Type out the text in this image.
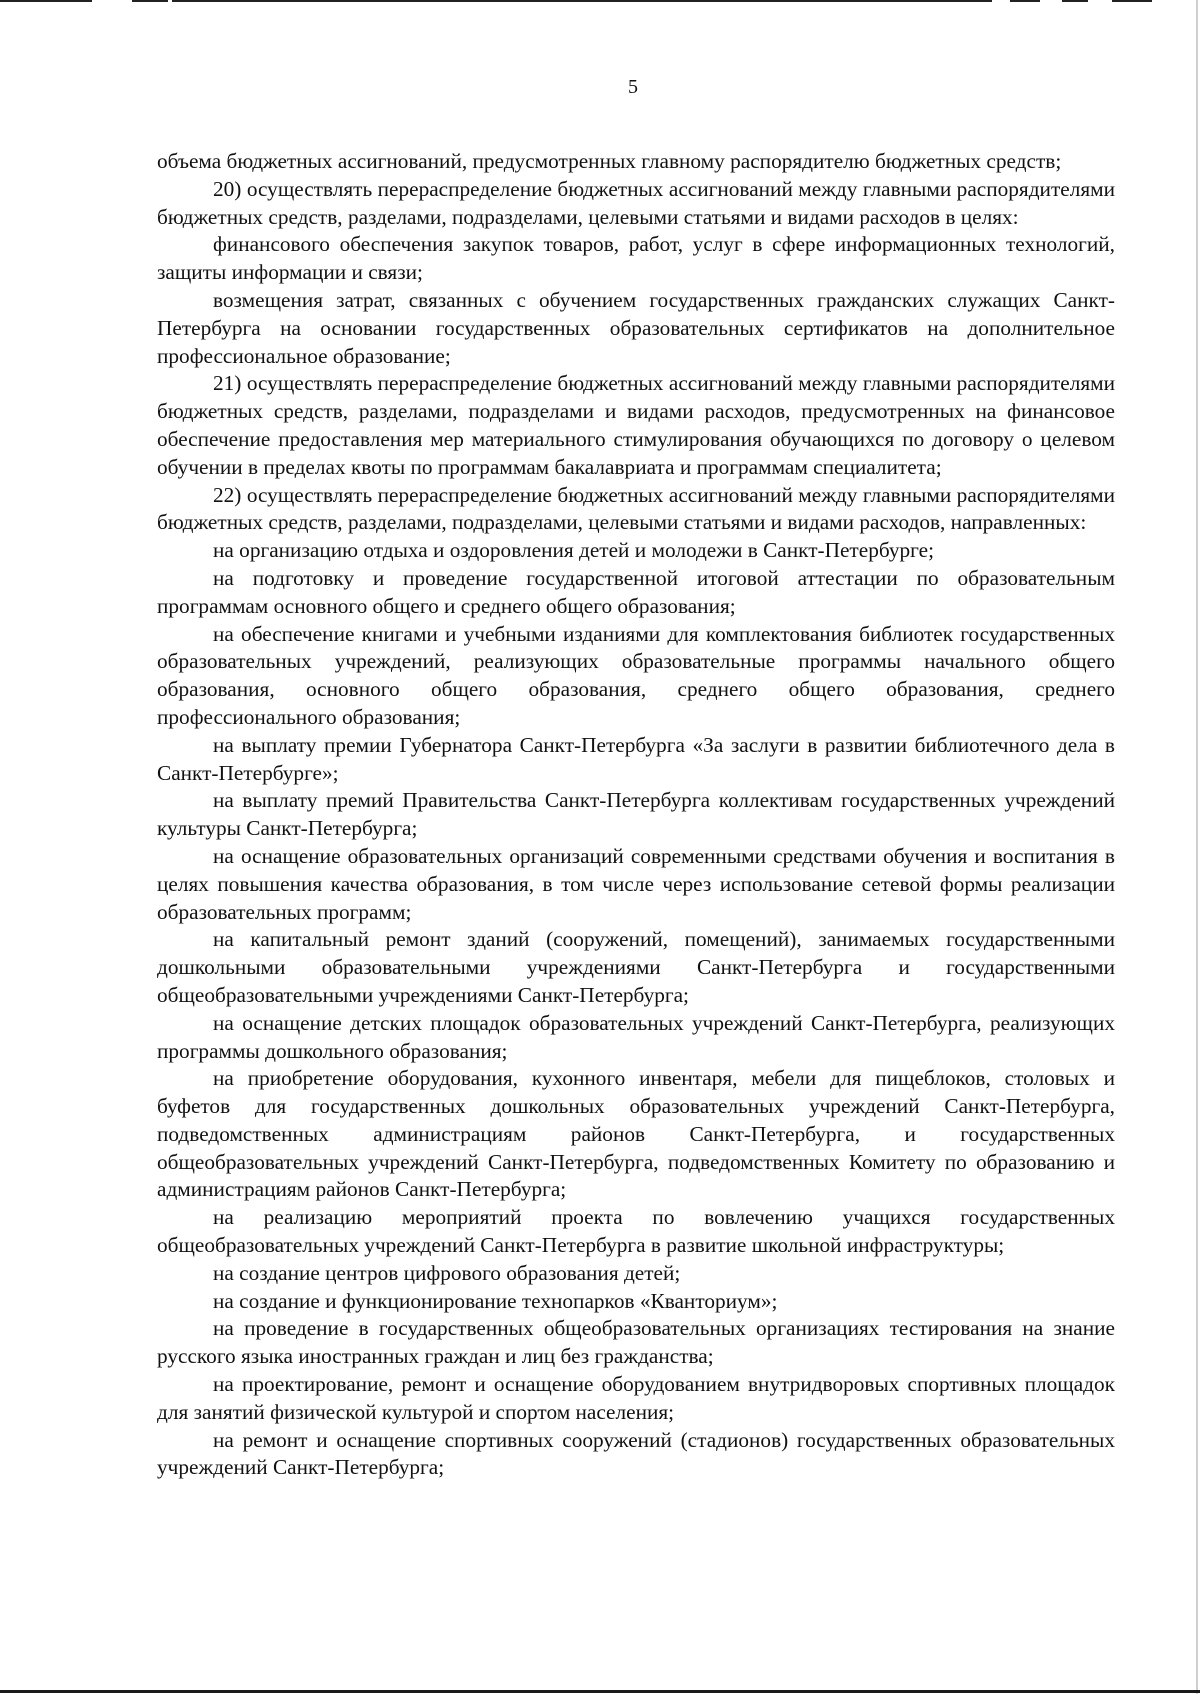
5

объема бюджетных ассигнований, предусмотренных главному распорядителю бюджетных средств;

20) осуществлять перераспределение бюджетных ассигнований между главными распорядителями бюджетных средств, разделами, подразделами, целевыми статьями и видами расходов в целях:

финансового обеспечения закупок товаров, работ, услуг в сфере информационных технологий, защиты информации и связи;

возмещения затрат, связанных с обучением государственных гражданских служащих Санкт-Петербурга на основании государственных образовательных сертификатов на дополнительное профессиональное образование;

21) осуществлять перераспределение бюджетных ассигнований между главными распорядителями бюджетных средств, разделами, подразделами и видами расходов, предусмотренных на финансовое обеспечение предоставления мер материального стимулирования обучающихся по договору о целевом обучении в пределах квоты по программам бакалавриата и программам специалитета;

22) осуществлять перераспределение бюджетных ассигнований между главными распорядителями бюджетных средств, разделами, подразделами, целевыми статьями и видами расходов, направленных:

на организацию отдыха и оздоровления детей и молодежи в Санкт-Петербурге;

на подготовку и проведение государственной итоговой аттестации по образовательным программам основного общего и среднего общего образования;

на обеспечение книгами и учебными изданиями для комплектования библиотек государственных образовательных учреждений, реализующих образовательные программы начального общего образования, основного общего образования, среднего общего образования, среднего профессионального образования;

на выплату премии Губернатора Санкт-Петербурга «За заслуги в развитии библиотечного дела в Санкт-Петербурге»;

на выплату премий Правительства Санкт-Петербурга коллективам государственных учреждений культуры Санкт-Петербурга;

на оснащение образовательных организаций современными средствами обучения и воспитания в целях повышения качества образования, в том числе через использование сетевой формы реализации образовательных программ;

на капитальный ремонт зданий (сооружений, помещений), занимаемых государственными дошкольными образовательными учреждениями Санкт-Петербурга и государственными общеобразовательными учреждениями Санкт-Петербурга;

на оснащение детских площадок образовательных учреждений Санкт-Петербурга, реализующих программы дошкольного образования;

на приобретение оборудования, кухонного инвентаря, мебели для пищеблоков, столовых и буфетов для государственных дошкольных образовательных учреждений Санкт-Петербурга, подведомственных администрациям районов Санкт-Петербурга, и государственных общеобразовательных учреждений Санкт-Петербурга, подведомственных Комитету по образованию и администрациям районов Санкт-Петербурга;

на реализацию мероприятий проекта по вовлечению учащихся государственных общеобразовательных учреждений Санкт-Петербурга в развитие школьной инфраструктуры;

на создание центров цифрового образования детей;

на создание и функционирование технопарков «Кванториум»;

на проведение в государственных общеобразовательных организациях тестирования на знание русского языка иностранных граждан и лиц без гражданства;

на проектирование, ремонт и оснащение оборудованием внутридворовых спортивных площадок для занятий физической культурой и спортом населения;

на ремонт и оснащение спортивных сооружений (стадионов) государственных образовательных учреждений Санкт-Петербурга;
